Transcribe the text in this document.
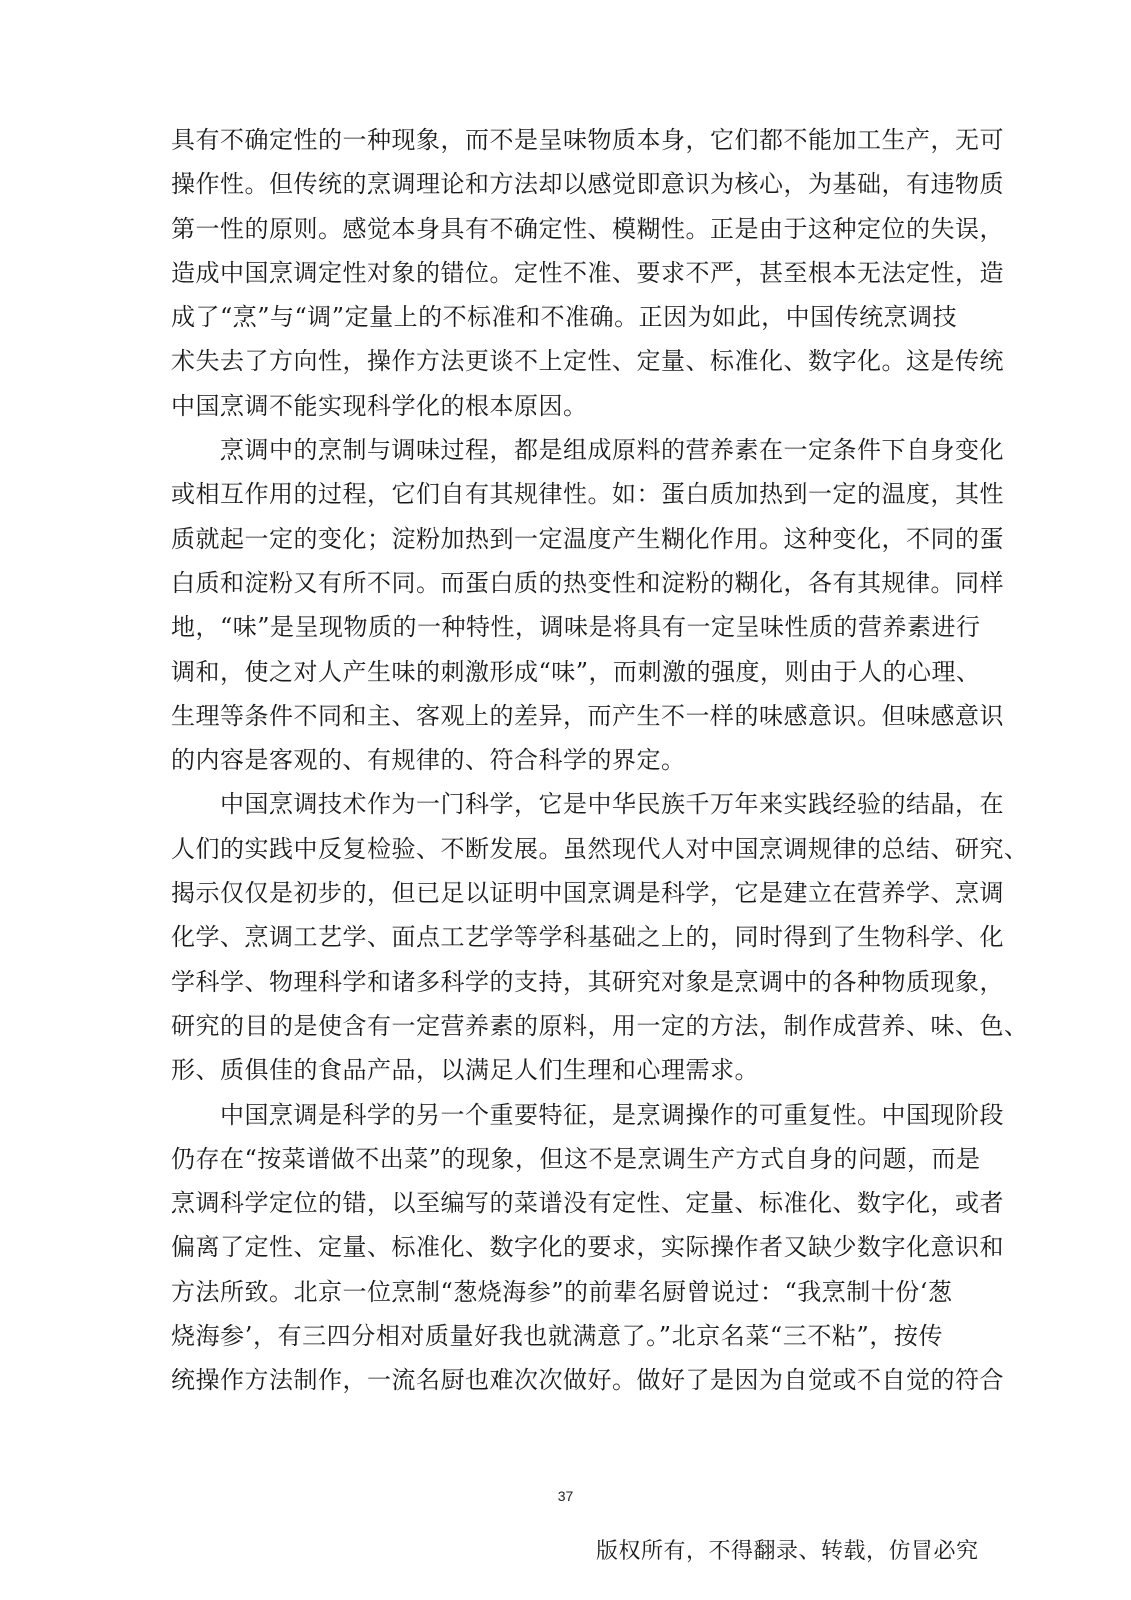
具有不确定性的一种现象，而不是呈味物质本身，它们都不能加工生产，无可
操作性。但传统的烹调理论和方法却以感觉即意识为核心，为基础，有违物质
第一性的原则。感觉本身具有不确定性、模糊性。正是由于这种定位的失误，
造成中国烹调定性对象的错位。定性不准、要求不严，甚至根本无法定性，造
成了“烹”与“调”定量上的不标准和不准确。正因为如此，中国传统烹调技
术失去了方向性，操作方法更谈不上定性、定量、标准化、数字化。这是传统
中国烹调不能实现科学化的根本原因。
　　烹调中的烹制与调味过程，都是组成原料的营养素在一定条件下自身变化
或相互作用的过程，它们自有其规律性。如：蛋白质加热到一定的温度，其性
质就起一定的变化；淀粉加热到一定温度产生糊化作用。这种变化，不同的蛋
白质和淀粉又有所不同。而蛋白质的热变性和淀粉的糊化，各有其规律。同样
地，“味”是呈现物质的一种特性，调味是将具有一定呈味性质的营养素进行
调和，使之对人产生味的刺激形成“味”，而刺激的强度，则由于人的心理、
生理等条件不同和主、客观上的差异，而产生不一样的味感意识。但味感意识
的内容是客观的、有规律的、符合科学的界定。
　　中国烹调技术作为一门科学，它是中华民族千万年来实践经验的结晶，在
人们的实践中反复检验、不断发展。虽然现代人对中国烹调规律的总结、研究、
揭示仅仅是初步的，但已足以证明中国烹调是科学，它是建立在营养学、烹调
化学、烹调工艺学、面点工艺学等学科基础之上的，同时得到了生物科学、化
学科学、物理科学和诸多科学的支持，其研究对象是烹调中的各种物质现象，
研究的目的是使含有一定营养素的原料，用一定的方法，制作成营养、味、色、
形、质俱佳的食品产品，以满足人们生理和心理需求。
　　中国烹调是科学的另一个重要特征，是烹调操作的可重复性。中国现阶段
仍存在“按菜谱做不出菜”的现象，但这不是烹调生产方式自身的问题，而是
烹调科学定位的错，以至编写的菜谱没有定性、定量、标准化、数字化，或者
偏离了定性、定量、标准化、数字化的要求，实际操作者又缺少数字化意识和
方法所致。北京一位烹制“葱烧海参”的前辈名厨曾说过：“我烹制十份‘葱
烧海参’，有三四分相对质量好我也就满意了。”北京名菜“三不粘”，按传
统操作方法制作，一流名厨也难次次做好。做好了是因为自觉或不自觉的符合
37
版权所有，不得翻录、转载，仿冒必究
